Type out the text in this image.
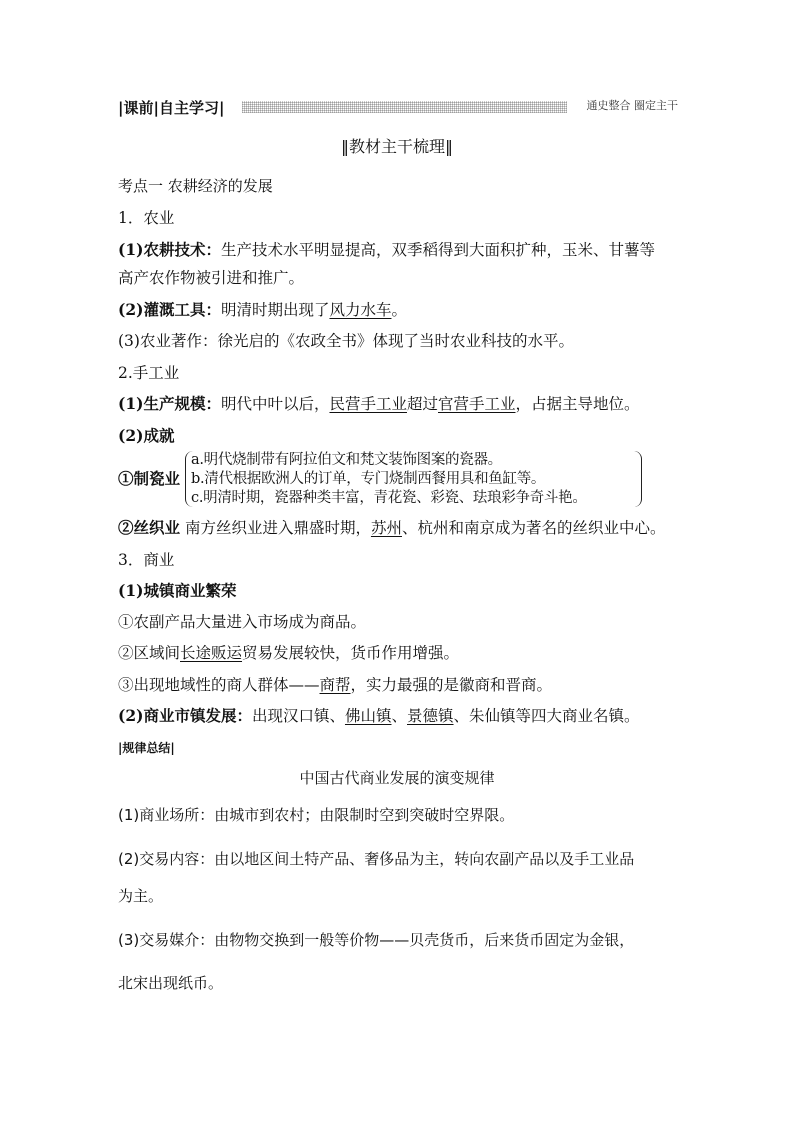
|课前|自主学习|	通史整合 圈定主干
‖教材主干梳理‖
考点一 农耕经济的发展
1．农业
(1)农耕技术：生产技术水平明显提高，双季稻得到大面积扩种，玉米、甘薯等
高产农作物被引进和推广。
(2)灌溉工具：明清时期出现了风力水车。
(3)农业著作：徐光启的《农政全书》体现了当时农业科技的水平。
2.手工业
(1)生产规模：明代中叶以后，民营手工业超过官营手工业，占据主导地位。
(2)成就
①制瓷业
a.明代烧制带有阿拉伯文和梵文装饰图案的瓷器。
b.清代根据欧洲人的订单，专门烧制西餐用具和鱼缸等。
c.明清时期，瓷器种类丰富，青花瓷、彩瓷、珐琅彩争奇斗艳。
②丝织业 南方丝织业进入鼎盛时期，苏州、杭州和南京成为著名的丝织业中心。
3．商业
(1)城镇商业繁荣
①农副产品大量进入市场成为商品。
②区域间长途贩运贸易发展较快，货币作用增强。
③出现地域性的商人群体——商帮，实力最强的是徽商和晋商。
(2)商业市镇发展：出现汉口镇、佛山镇、景德镇、朱仙镇等四大商业名镇。
|规律总结|
中国古代商业发展的演变规律
(1)商业场所：由城市到农村；由限制时空到突破时空界限。
(2)交易内容：由以地区间土特产品、奢侈品为主，转向农副产品以及手工业品
为主。
(3)交易媒介：由物物交换到一般等价物——贝壳货币，后来货币固定为金银，
北宋出现纸币。
